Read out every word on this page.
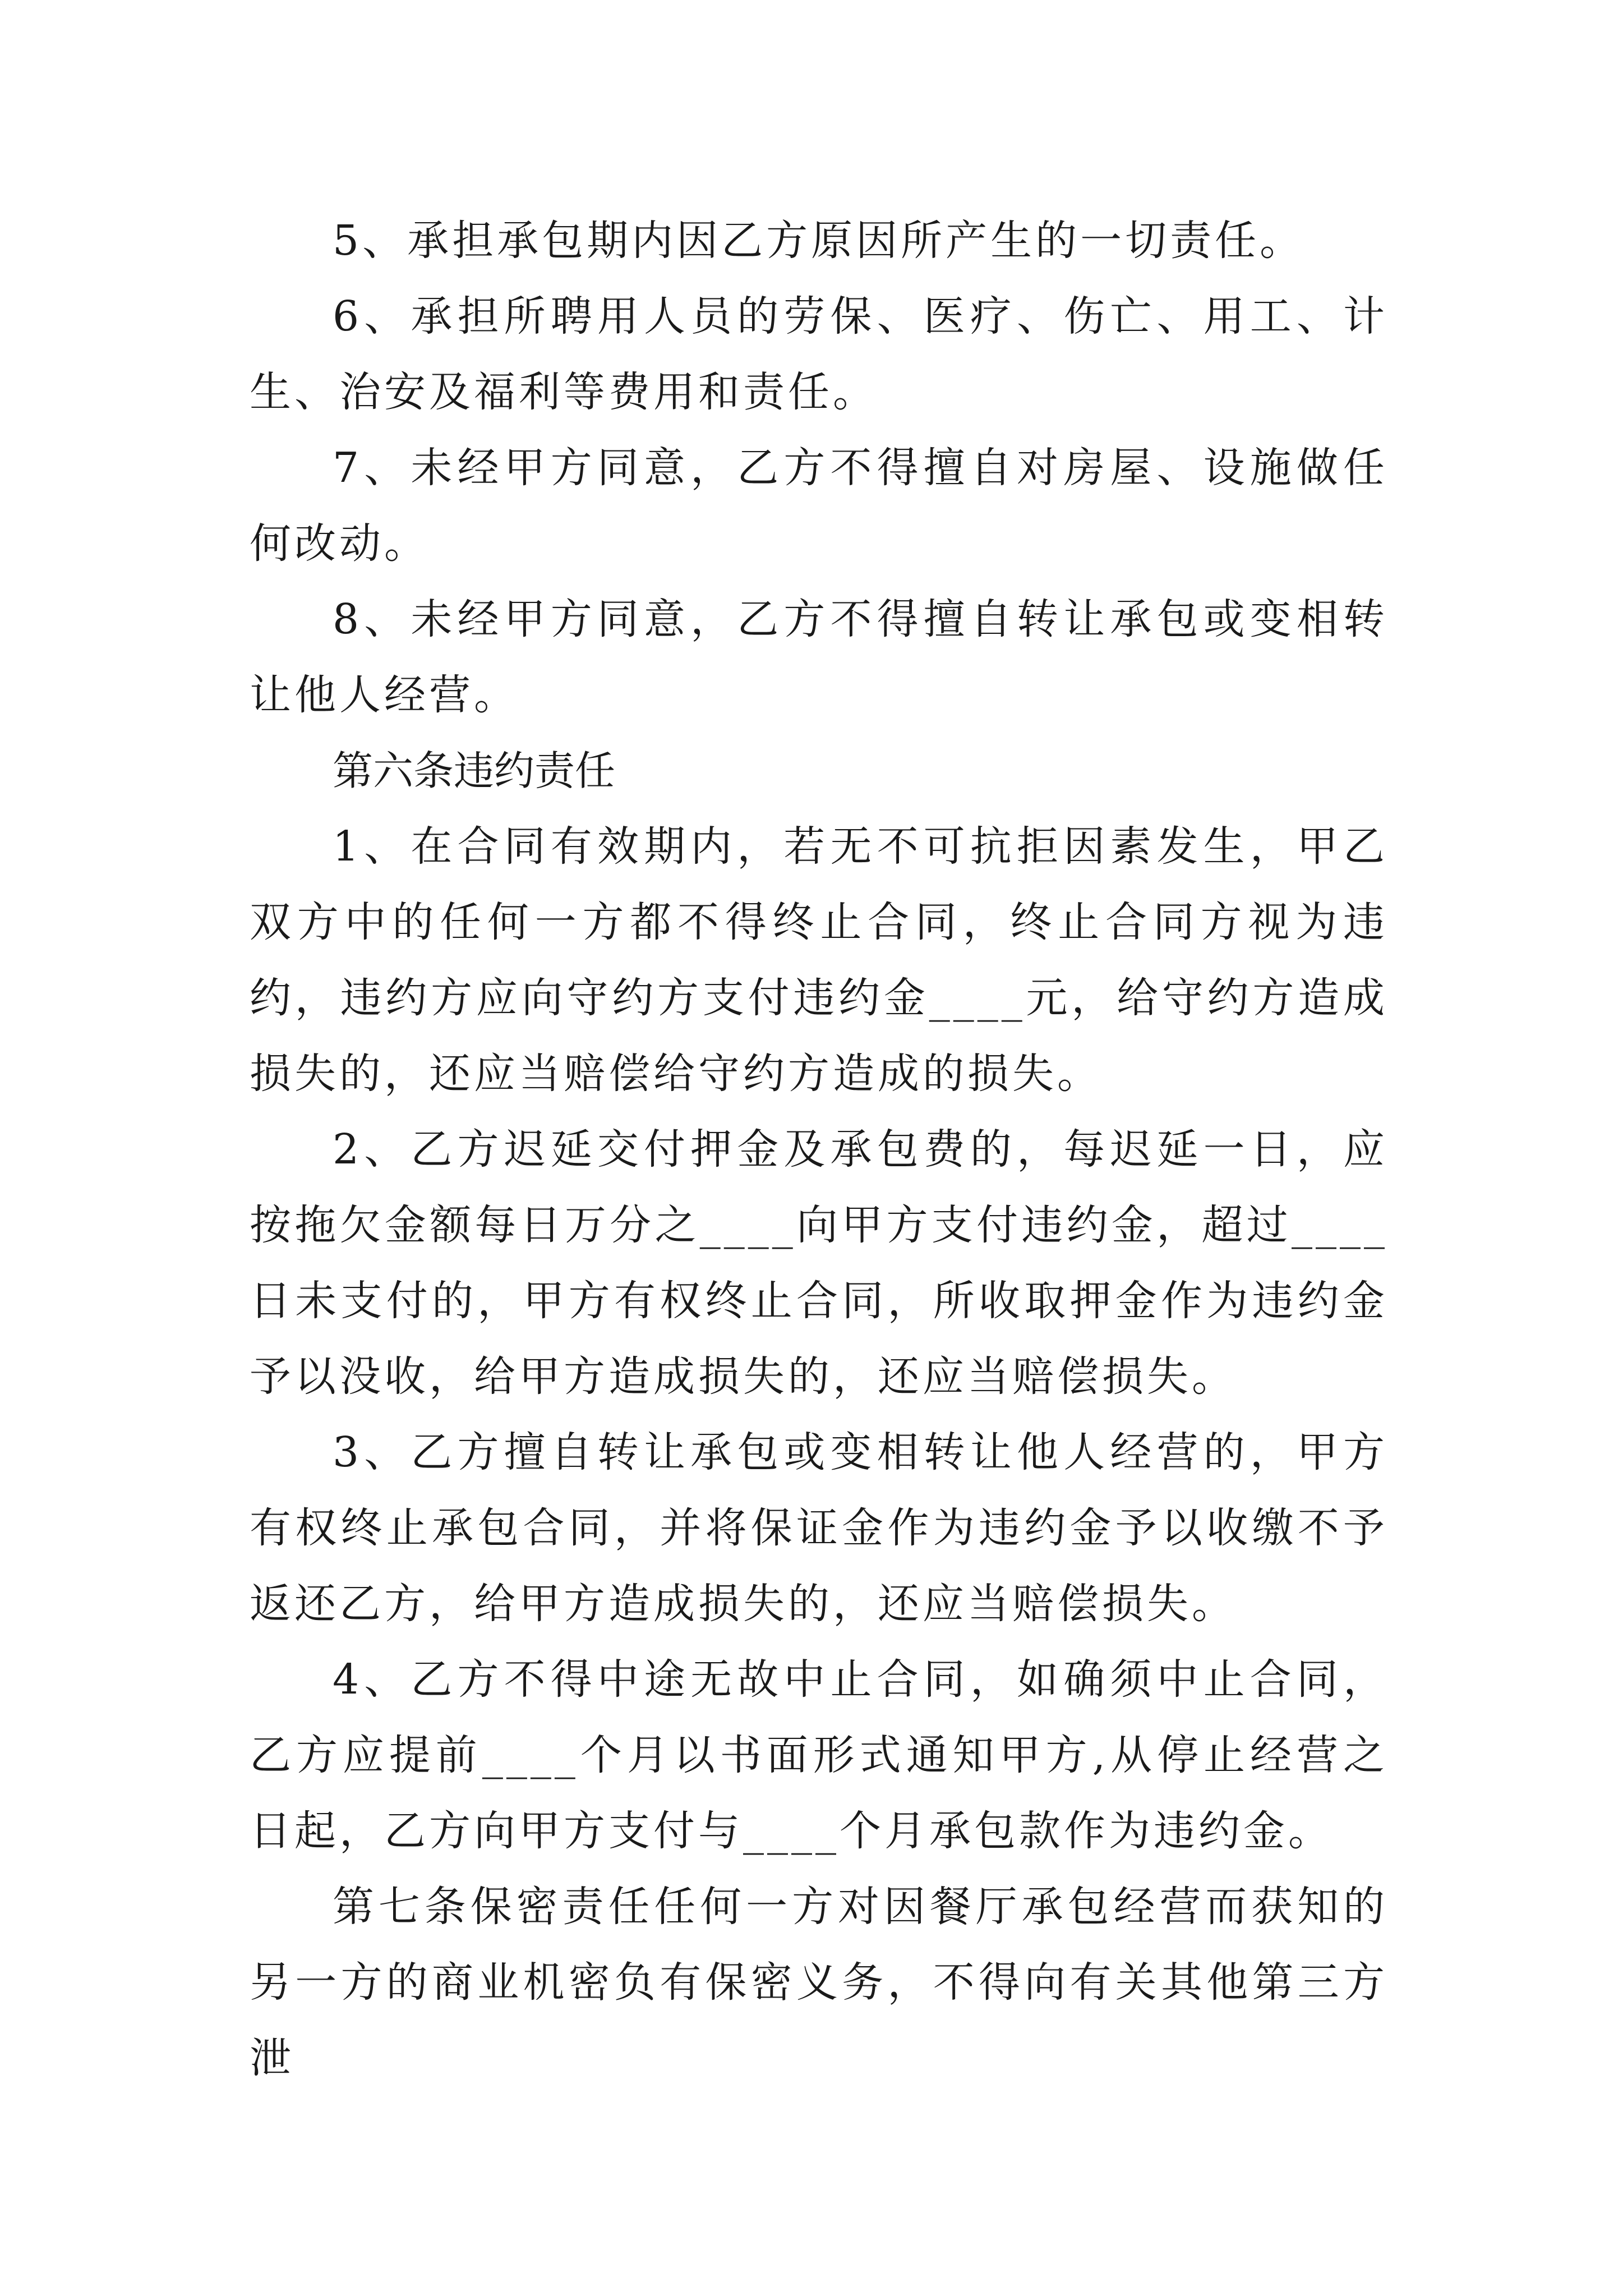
5、承担承包期内因乙方原因所产生的一切责任。

6、承担所聘用人员的劳保、医疗、伤亡、用工、计生、治安及福利等费用和责任。

7、未经甲方同意，乙方不得擅自对房屋、设施做任何改动。

8、未经甲方同意，乙方不得擅自转让承包或变相转让他人经营。

第六条违约责任

1、在合同有效期内，若无不可抗拒因素发生，甲乙双方中的任何一方都不得终止合同，终止合同方视为违约，违约方应向守约方支付违约金____元，给守约方造成损失的，还应当赔偿给守约方造成的损失。

2、乙方迟延交付押金及承包费的，每迟延一日，应按拖欠金额每日万分之____向甲方支付违约金，超过____日未支付的，甲方有权终止合同，所收取押金作为违约金予以没收，给甲方造成损失的，还应当赔偿损失。

3、乙方擅自转让承包或变相转让他人经营的，甲方有权终止承包合同，并将保证金作为违约金予以收缴不予返还乙方，给甲方造成损失的，还应当赔偿损失。

4、乙方不得中途无故中止合同，如确须中止合同，乙方应提前____个月以书面形式通知甲方,从停止经营之日起，乙方向甲方支付与____个月承包款作为违约金。

第七条保密责任任何一方对因餐厅承包经营而获知的另一方的商业机密负有保密义务，不得向有关其他第三方泄
